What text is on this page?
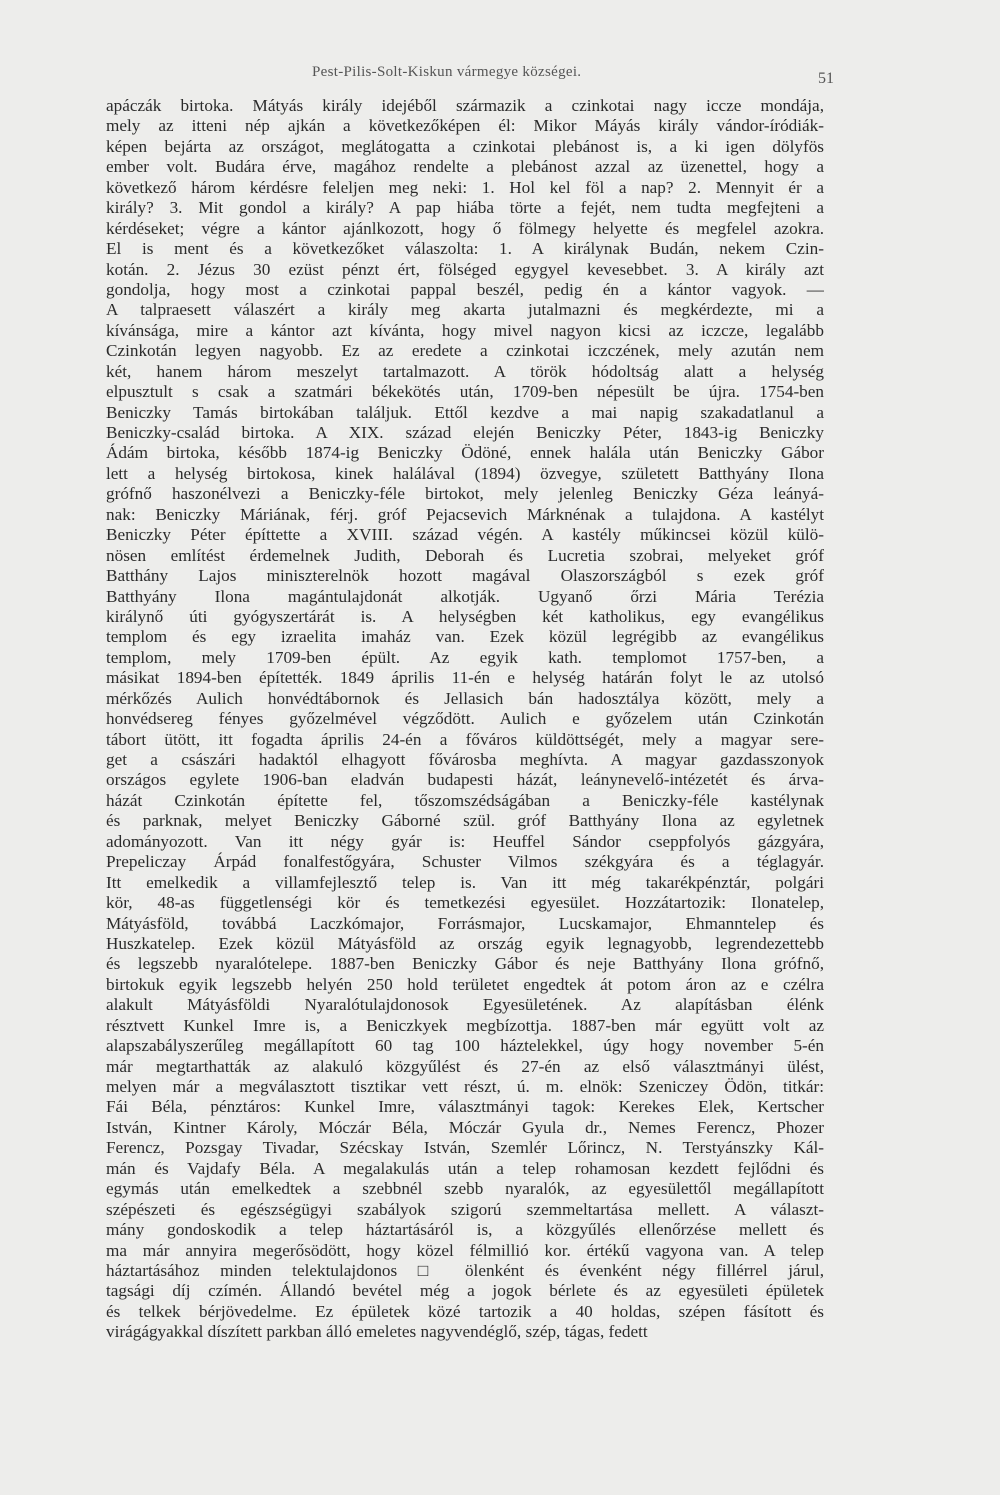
Pest-Pilis-Solt-Kiskun vármegye községei.	51
apáczák birtoka. Mátyás király idejéből származik a czinkotai nagy iccze mondája,
mely az itteni nép ajkán a következőképen él: Mikor Máyás király vándor-íródiák-
képen bejárta az országot, meglátogatta a czinkotai plebánost is, a ki igen dölyfös
ember volt. Budára érve, magához rendelte a plebánost azzal az üzenettel, hogy a
következő három kérdésre feleljen meg neki: 1. Hol kel föl a nap? 2. Mennyit ér a
király? 3. Mit gondol a király? A pap hiába törte a fejét, nem tudta megfejteni a
kérdéseket; végre a kántor ajánlkozott, hogy ő fölmegy helyette és megfelel azokra.
El is ment és a következőket válaszolta: 1. A királynak Budán, nekem Czin-
kotán. 2. Jézus 30 ezüst pénzt ért, fölséged egygyel kevesebbet. 3. A király azt
gondolja, hogy most a czinkotai pappal beszél, pedig én a kántor vagyok. —
A talpraesett válaszért a király meg akarta jutalmazni és megkérdezte, mi a
kívánsága, mire a kántor azt kívánta, hogy mivel nagyon kicsi az iczcze, legalább
Czinkotán legyen nagyobb. Ez az eredete a czinkotai iczczének, mely azután nem
két, hanem három meszelyt tartalmazott. A török hódoltság alatt a helység
elpusztult s csak a szatmári békekötés után, 1709-ben népesült be újra. 1754-ben
Beniczky Tamás birtokában találjuk. Ettől kezdve a mai napig szakadatlanul a
Beniczky-család birtoka. A XIX. század elején Beniczky Péter, 1843-ig Beniczky
Ádám birtoka, később 1874-ig Beniczky Ödöné, ennek halála után Beniczky Gábor
lett a helység birtokosa, kinek halálával (1894) özvegye, született Batthyány Ilona
grófnő haszonélvezi a Beniczky-féle birtokot, mely jelenleg Beniczky Géza leányá-
nak: Beniczky Máriának, férj. gróf Pejacsevich Márknénak a tulajdona. A kastélyt
Beniczky Péter építtette a XVIII. század végén. A kastély műkincsei közül külö-
nösen említést érdemelnek Judith, Deborah és Lucretia szobrai, melyeket gróf
Batthány Lajos miniszterelnök hozott magával Olaszországból s ezek gróf
Batthyány Ilona magántulajdonát alkotják. Ugyanő őrzi Mária Terézia
királynő úti gyógyszertárát is. A helységben két katholikus, egy evangélikus
templom és egy izraelita imaház van. Ezek közül legrégibb az evangélikus
templom, mely 1709-ben épült. Az egyik kath. templomot 1757-ben, a
másikat 1894-ben építették. 1849 április 11-én e helység határán folyt le az utolsó
mérkőzés Aulich honvédtábornok és Jellasich bán hadosztálya között, mely a
honvédsereg fényes győzelmével végződött. Aulich e győzelem után Czinkotán
tábort ütött, itt fogadta április 24-én a főváros küldöttségét, mely a magyar sere-
get a császári hadaktól elhagyott fővárosba meghívta. A magyar gazdasszonyok
országos egylete 1906-ban eladván budapesti házát, leánynevelő-intézetét és árva-
házát Czinkotán építette fel, tőszomszédságában a Beniczky-féle kastélynak
és parknak, melyet Beniczky Gáborné szül. gróf Batthyány Ilona az egyletnek
adományozott. Van itt négy gyár is: Heuffel Sándor cseppfolyós gázgyára,
Prepeliczay Árpád fonalfestőgyára, Schuster Vilmos székgyára és a téglagyár.
Itt emelkedik a villamfejlesztő telep is. Van itt még takarékpénztár, polgári
kör, 48-as függetlenségi kör és temetkezési egyesület. Hozzátartozik: Ilonatelep,
Mátyásföld, továbbá Laczkómajor, Forrásmajor, Lucskamajor, Ehmanntelep és
Huszkatelep. Ezek közül Mátyásföld az ország egyik legnagyobb, legrendezettebb
és legszebb nyaralótelepe. 1887-ben Beniczky Gábor és neje Batthyány Ilona grófnő,
birtokuk egyik legszebb helyén 250 hold területet engedtek át potom áron az e czélra
alakult Mátyásföldi Nyaralótulajdonosok Egyesületének. Az alapításban élénk
résztvett Kunkel Imre is, a Beniczkyek megbízottja. 1887-ben már együtt volt az
alapszabályszerűleg megállapított 60 tag 100 háztelekkel, úgy hogy november 5-én
már megtarthatták az alakuló közgyűlést és 27-én az első választmányi ülést,
melyen már a megválasztott tisztikar vett részt, ú. m. elnök: Szeniczey Ödön, titkár:
Fái Béla, pénztáros: Kunkel Imre, választmányi tagok: Kerekes Elek, Kertscher
István, Kintner Károly, Móczár Béla, Móczár Gyula dr., Nemes Ferencz, Phozer
Ferencz, Pozsgay Tivadar, Szécskay István, Szemlér Lőrincz, N. Terstyánszky Kál-
mán és Vajdafy Béla. A megalakulás után a telep rohamosan kezdett fejlődni és
egymás után emelkedtek a szebbnél szebb nyaralók, az egyesülettől megállapított
szépészeti és egészségügyi szabályok szigorú szemmeltartása mellett. A választ-
mány gondoskodik a telep háztartásáról is, a közgyűlés ellenőrzése mellett és
ma már annyira megerősödött, hogy közel félmillió kor. értékű vagyona van. A telep
háztartásához minden telektulajdonos □ ölenként és évenként négy fillérrel járul,
tagsági díj czímén. Állandó bevétel még a jogok bérlete és az egyesületi épületek
és telkek bérjövedelme. Ez épületek közé tartozik a 40 holdas, szépen fásított és
virágágyakkal díszített parkban álló emeletes nagyvendéglő, szép, tágas, fedett
